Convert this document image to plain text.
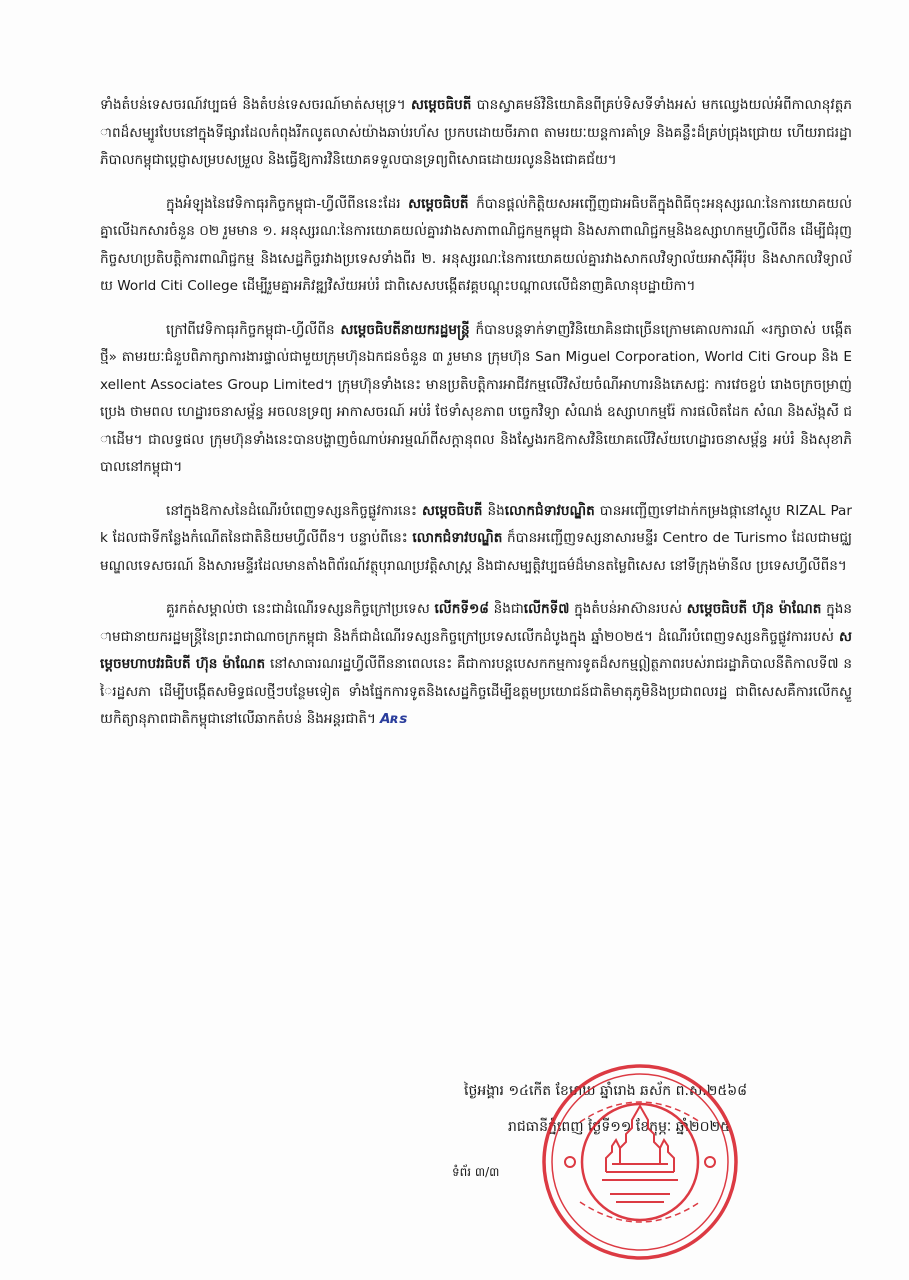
ទាំងតំបន់ទេសចរណ៍វប្បធម៌ និងតំបន់ទេសចរណ៍មាត់សមុទ្រ។ សម្តេចធិបតី បានស្វាគមន៍វិនិយោគិនពីគ្រប់ទិសទីទាំងអស់ មកឈ្វេងយល់អំពីកាលានុវត្តភាពដ៏សម្បូរបែបនៅក្នុងទីផ្សារដែលកំពុងរីកលូតលាស់យ៉ាងឆាប់រហ័ស ប្រកបដោយចីរភាព តាមរយៈយន្តការគាំទ្រ និងគន្លឹះដ៏គ្រប់ជ្រុងជ្រោយ ហើយរាជរដ្ឋាភិបាលកម្ពុជាប្ដេជ្ញាសម្របសម្រួល និងធ្វើឱ្យការវិនិយោគទទួលបានទ្រព្យពិសោធដោយរលូននិងជោគជ័យ។

ក្នុងអំឡុងនៃវេទិកាធុរកិច្ចកម្ពុជា-ហ្វីលីពីននេះដែរ សម្តេចធិបតី ក៏បានផ្ដល់កិត្តិយសអញ្ជើញជាអធិបតីក្នុងពិធីចុះអនុស្សរណៈនៃការយោគយល់គ្នាលើឯកសារចំនួន ០២ រួមមាន ១. អនុស្សរណៈនៃការយោគយល់គ្នារវាងសភាពាណិជ្ជកម្មកម្ពុជា និងសភាពាណិជ្ជកម្មនិងឧស្សាហកម្មហ្វីលីពីន ដើម្បីជំរុញកិច្ចសហប្រតិបត្តិការពាណិជ្ជកម្ម និងសេដ្ឋកិច្ចរវាងប្រទេសទាំងពីរ ២. អនុស្សរណៈនៃការយោគយល់គ្នារវាងសាកលវិទ្យាល័យអាស៊ីអឺរ៉ុប និងសាកលវិទ្យាល័យ World Citi College ដើម្បីរួមគ្នាអភិវឌ្ឍវិស័យអប់រំ ជាពិសេសបង្កើតវគ្គបណ្តុះបណ្តាលលើជំនាញគិលានុបដ្ឋាយិកា។

ក្រៅពីវេទិកាធុរកិច្ចកម្ពុជា-ហ្វីលីពីន សម្តេចធិបតីនាយករដ្ឋមន្ត្រី ក៏បានបន្តទាក់ទាញវិនិយោគិនជាច្រើនក្រោមគោលការណ៍ «រក្សាចាស់ បង្កើតថ្មី» តាមរយៈជំនួបពិភាក្សាការងារផ្ទាល់ជាមួយក្រុមហ៊ុនឯកជនចំនួន ៣ រួមមាន ក្រុមហ៊ុន San Miguel Corporation, World Citi Group និង Exellent Associates Group Limited។ ក្រុមហ៊ុនទាំងនេះ មានប្រតិបត្តិការអាជីវកម្មលើវិស័យចំណីអាហារនិងភេសជ្ជៈ ការវេចខ្ចប់ រោងចក្រចម្រាញ់ប្រេង ថាមពល ហេដ្ឋារចនាសម្ព័ន្ធ អចលនទ្រព្យ អាកាសចរណ៍ អប់រំ ថែទាំសុខភាព បច្ចេកវិទ្យា សំណង់ ឧស្សាហកម្មរ៉ែ ការផលិតដែក សំណ និងស័ង្កសី ជាដើម។ ជាលទ្ធផល ក្រុមហ៊ុនទាំងនេះបានបង្ហាញចំណាប់អារម្មណ៍ពីសក្តានុពល និងស្វែងរកឱកាសវិនិយោគលើវិស័យហេដ្ឋារចនាសម្ព័ន្ធ អប់រំ និងសុខាភិបាលនៅកម្ពុជា។

នៅក្នុងឱកាសនៃដំណើរបំពេញទស្សនកិច្ចផ្លូវការនេះ សម្តេចធិបតី និងលោកជំទាវបណ្ឌិត បានអញ្ជើញទៅដាក់កម្រងផ្កានៅស្តូប RIZAL Park ដែលជាទីកន្លែងកំណើតនៃជាតិនិយមហ្វីលីពីន។ បន្ទាប់ពីនេះ លោកជំទាវបណ្ឌិត ក៏បានអញ្ជើញទស្សនាសារមន្ទីរ Centro de Turismo ដែលជាមជ្ឈមណ្ឌលទេសចរណ៍ និងសារមន្ទីរដែលមានតាំងពិព័រណ៍វត្ថុបុរាណប្រវត្តិសាស្ត្រ និងជាសម្បត្តិវប្បធម៌ដ៏មានតម្លៃពិសេស នៅទីក្រុងម៉ានីល ប្រទេសហ្វីលីពីន។

គួរកត់សម្គាល់ថា នេះជាដំណើរទស្សនកិច្ចក្រៅប្រទេស លើកទី១៨ និងជាលើកទី៧ ក្នុងតំបន់អាស៊ានរបស់ សម្តេចធិបតី ហ៊ុន ម៉ាណែត ក្នុងនាមជានាយករដ្ឋមន្ត្រីនៃព្រះរាជាណាចក្រកម្ពុជា និងក៏ជាដំណើរទស្សនកិច្ចក្រៅប្រទេសលើកដំបូងក្នុង ឆ្នាំ២០២៥។ ដំណើរបំពេញទស្សនកិច្ចផ្លូវការរបស់ សម្តេចមហាបវរធិបតី ហ៊ុន ម៉ាណែត នៅសាធារណរដ្ឋហ្វីលីពីននាពេលនេះ គឺជាការបន្តបេសកកម្មការទូតដ៏សកម្មឦត្ថភាពរបស់រាជរដ្ឋាភិបាលនីតិកាលទី៧ នៃរដ្ឋសភា ដើម្បីបង្កើតសមិទ្ធផលថ្មីៗបន្ថែមទៀត ទាំងផ្នែកការទូតនិងសេដ្ឋកិច្ចដើម្បីឧត្តមប្រយោជន៍ជាតិមាតុភូមិនិងប្រជាពលរដ្ឋ ជាពិសេសគឺការលើកស្ទួយកិត្យានុភាពជាតិកម្ពុជានៅលើឆាកតំបន់ និងអន្តរជាតិ។ Aʀs

ថ្ងៃអង្គារ ១៤កើត ខែមាឃ ឆ្នាំរោង ឆស័ក ព.ស.២៥៦៨
រាជធានីភ្នំពេញ ថ្ងៃទី១១ ខែកុម្ភៈ ឆ្នាំ២០២៥
ទំព័រ ៣/៣
